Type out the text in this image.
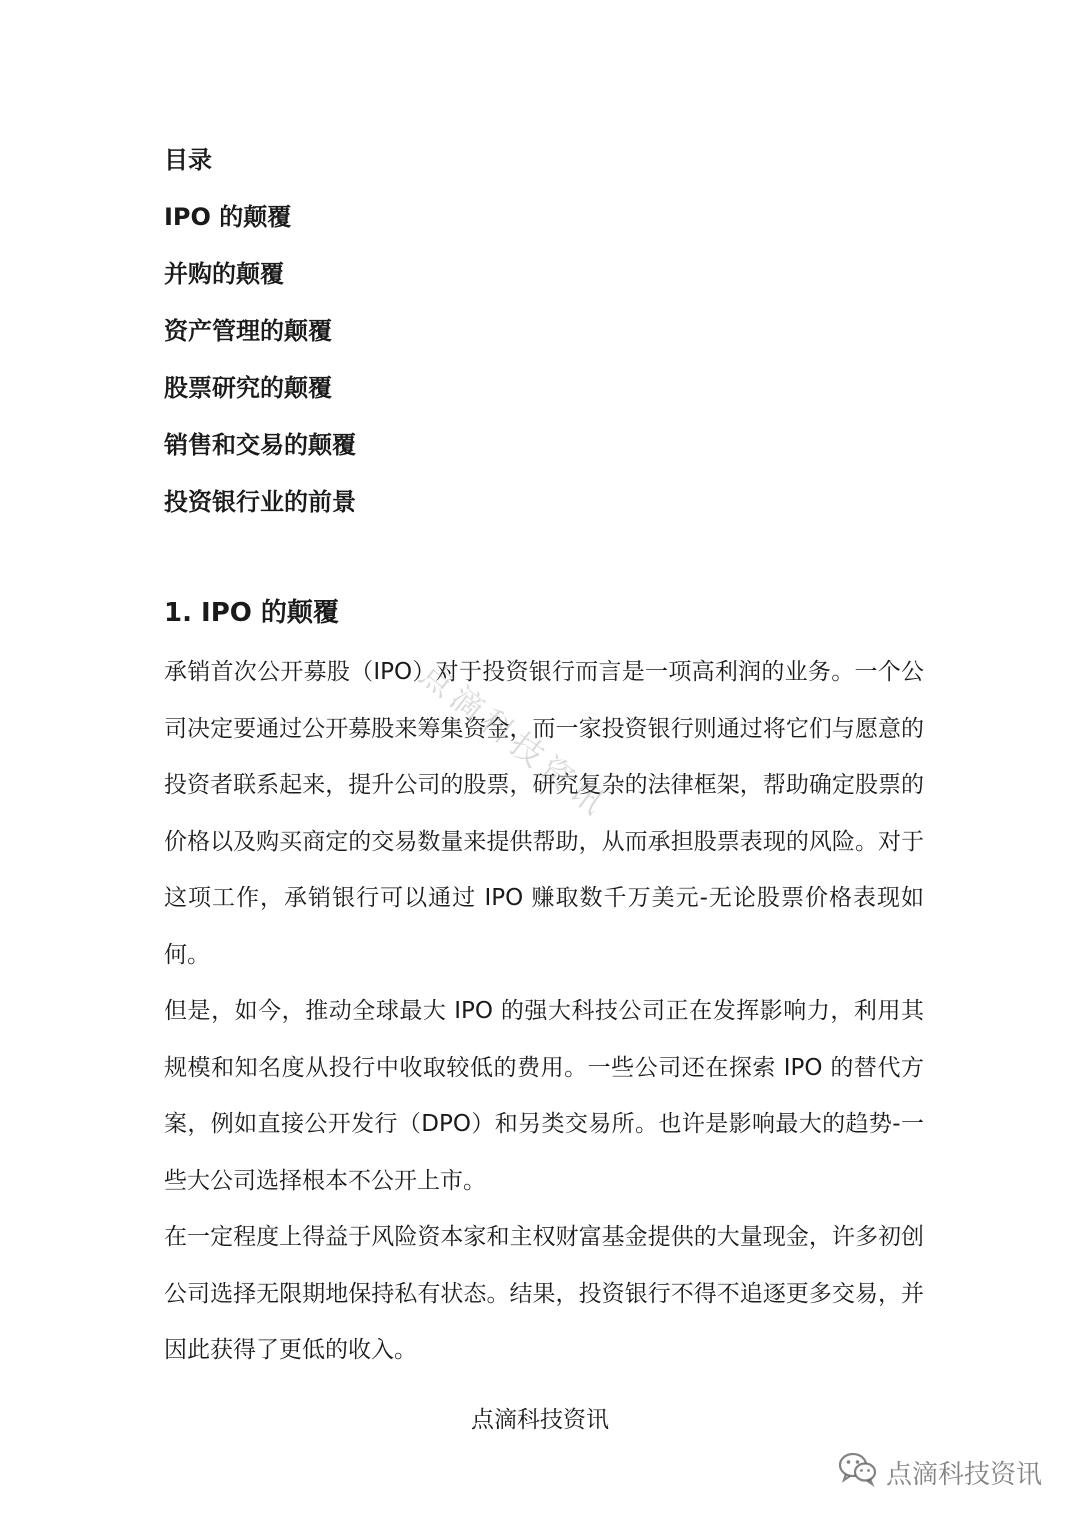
目录
IPO 的颠覆
并购的颠覆
资产管理的颠覆
股票研究的颠覆
销售和交易的颠覆
投资银行业的前景
1. IPO 的颠覆

承销首次公开募股（IPO）对于投资银行而言是一项高利润的业务。一个公司决定要通过公开募股来筹集资金，而一家投资银行则通过将它们与愿意的投资者联系起来，提升公司的股票，研究复杂的法律框架，帮助确定股票的价格以及购买商定的交易数量来提供帮助，从而承担股票表现的风险。对于这项工作，承销银行可以通过 IPO 赚取数千万美元-无论股票价格表现如何。

但是，如今，推动全球最大 IPO 的强大科技公司正在发挥影响力，利用其规模和知名度从投行中收取较低的费用。一些公司还在探索 IPO 的替代方案，例如直接公开发行（DPO）和另类交易所。也许是影响最大的趋势-一些大公司选择根本不公开上市。

在一定程度上得益于风险资本家和主权财富基金提供的大量现金，许多初创公司选择无限期地保持私有状态。结果，投资银行不得不追逐更多交易，并因此获得了更低的收入。

点滴科技资讯
点滴科技资讯
点滴科技资讯
